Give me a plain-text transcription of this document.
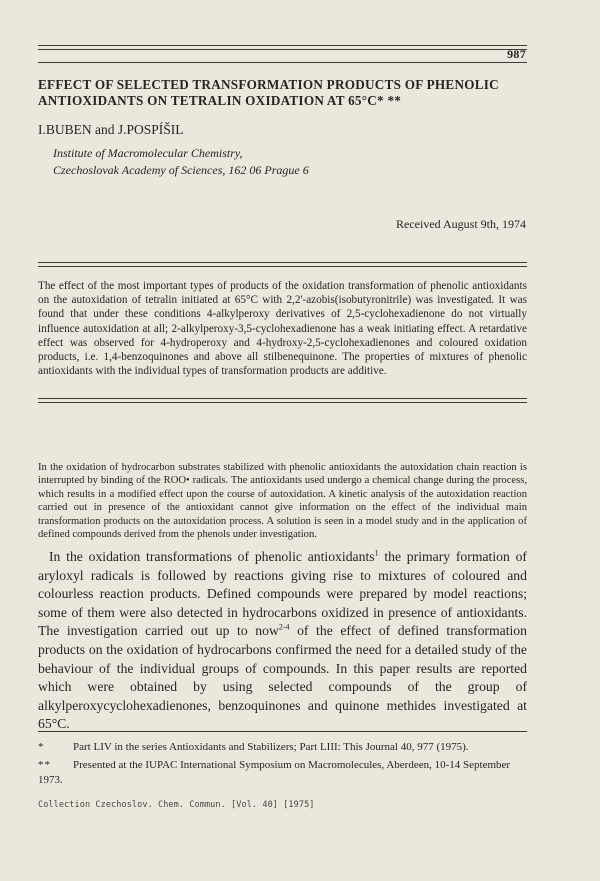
987
EFFECT OF SELECTED TRANSFORMATION PRODUCTS OF PHENOLIC ANTIOXIDANTS ON TETRALIN OXIDATION AT 65°C* **
I.BUBEN and J.POSPÍŠIL
Institute of Macromolecular Chemistry,
Czechoslovak Academy of Sciences, 162 06 Prague 6
Received August 9th, 1974

The effect of the most important types of products of the oxidation transformation of phenolic antioxidants on the autoxidation of tetralin initiated at 65°C with 2,2'-azobis(isobutyronitrile) was investigated. It was found that under these conditions 4-alkylperoxy derivatives of 2,5-cyclohexadienone do not virtually influence autoxidation at all; 2-alkylperoxy-3,5-cyclohexadienone has a weak initiating effect. A retardative effect was observed for 4-hydroperoxy and 4-hydroxy-2,5-cyclohexadienones and coloured oxidation products, i.e. 1,4-benzoquinones and above all stilbenequinone. The properties of mixtures of phenolic antioxidants with the individual types of transformation products are additive.

In the oxidation of hydrocarbon substrates stabilized with phenolic antioxidants the autoxidation chain reaction is interrupted by binding of the ROO• radicals. The antioxidants used undergo a chemical change during the process, which results in a modified effect upon the course of autoxidation. A kinetic analysis of the autoxidation reaction carried out in presence of the antioxidant cannot give information on the effect of the individual main transformation products on the autoxidation process. A solution is seen in a model study and in the application of defined compounds derived from the phenols under investigation.

In the oxidation transformations of phenolic antioxidants$^1$ the primary formation of aryloxyl radicals is followed by reactions giving rise to mixtures of coloured and colourless reaction products. Defined compounds were prepared by model reactions; some of them were also detected in hydrocarbons oxidized in presence of antioxidants. The investigation carried out up to now$^{2-4}$ of the effect of defined transformation products on the oxidation of hydrocarbons confirmed the need for a detailed study of the behaviour of the individual groups of compounds. In this paper results are reported which were obtained by using selected compounds of the group of alkylperoxycyclohexadienones, benzoquinones and quinone methides investigated at 65°C.

*	Part LIV in the series Antioxidants and Stabilizers; Part LIII: This Journal 40, 977 (1975).

** Presented at the IUPAC International Symposium on Macromolecules, Aberdeen, 10-14 September 1973.

Collection Czechoslov. Chem. Commun. [Vol. 40] [1975]
